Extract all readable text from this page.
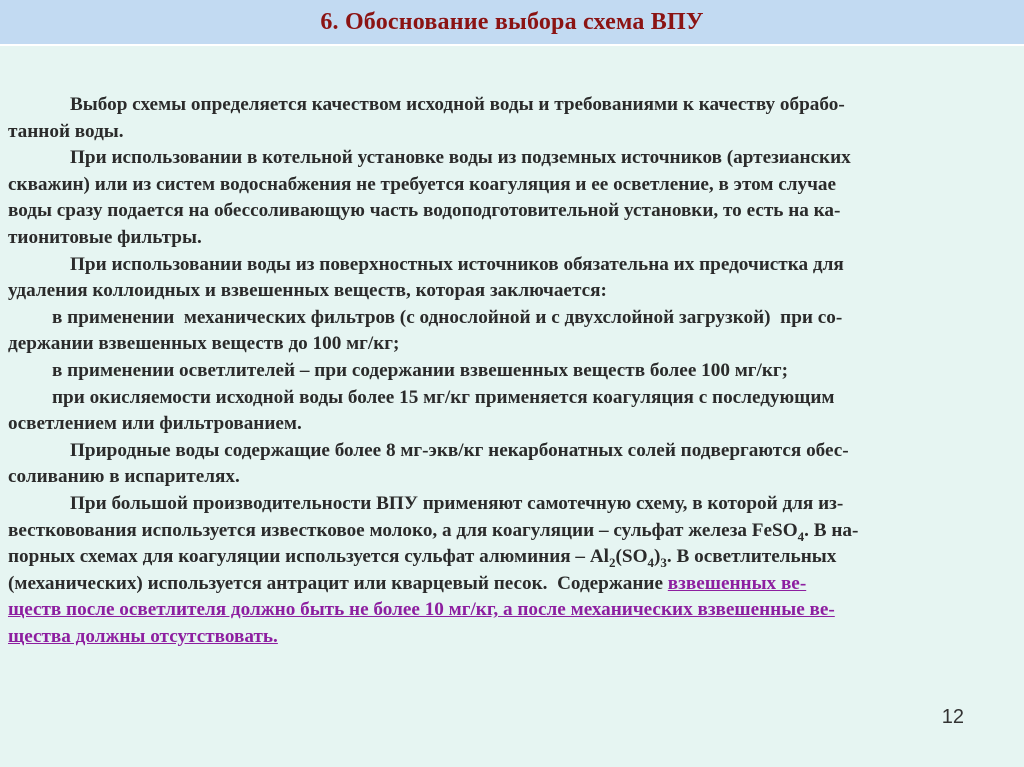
6. Обоснование выбора схема ВПУ
Выбор схемы определяется качеством исходной воды и требованиями к качеству обрабо-
танной воды.
При использовании в котельной установке воды из подземных источников (артезианских
скважин) или из систем водоснабжения не требуется коагуляция и ее осветление, в этом случае
воды сразу подается на обессоливающую часть водоподготовительной установки, то есть на ка-
тионитовые фильтры.
При использовании воды из поверхностных источников обязательна их предочистка для
удаления коллоидных и взвешенных веществ, которая заключается:
в применении  механических фильтров (с однослойной и с двухслойной загрузкой)  при со-
держании взвешенных веществ до 100 мг/кг;
в применении осветлителей – при содержании взвешенных веществ более 100 мг/кг;
при окисляемости исходной воды более 15 мг/кг применяется коагуляция с последующим
осветлением или фильтрованием.
Природные воды содержащие более 8 мг-экв/кг некарбонатных солей подвергаются обес-
соливанию в испарителях.
При большой производительности ВПУ применяют самотечную схему, в которой для из-
вестковования используется известковое молоко, а для коагуляции – сульфат железа FeSO$_4$. В на-
порных схемах для коагуляции используется сульфат алюминия – $Al_2(SO_4)_3$. В осветлительных
(механических) используется антрацит или кварцевый песок.  Содержание взвешенных ве-
ществ после осветлителя должно быть не более 10 мг/кг, а после механических взвешенные ве-
щества должны отсутствовать.
12
